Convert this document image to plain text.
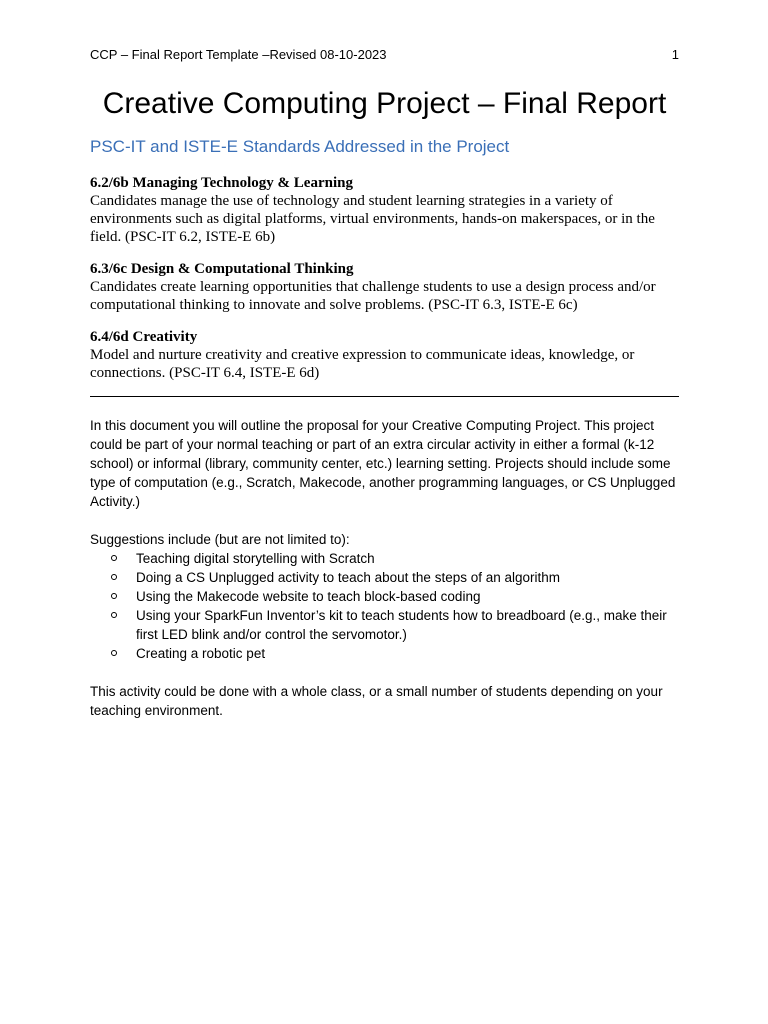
CCP – Final Report Template –Revised 08-10-2023	1
Creative Computing Project – Final Report
PSC-IT and ISTE-E Standards Addressed in the Project
6.2/6b Managing Technology & Learning
Candidates manage the use of technology and student learning strategies in a variety of environments such as digital platforms, virtual environments, hands-on makerspaces, or in the field. (PSC-IT 6.2, ISTE-E 6b)
6.3/6c Design & Computational Thinking
Candidates create learning opportunities that challenge students to use a design process and/or computational thinking to innovate and solve problems. (PSC-IT 6.3, ISTE-E 6c)
6.4/6d Creativity
Model and nurture creativity and creative expression to communicate ideas, knowledge, or connections. (PSC-IT 6.4, ISTE-E 6d)

In this document you will outline the proposal for your Creative Computing Project. This project could be part of your normal teaching or part of an extra circular activity in either a formal (k-12 school) or informal (library, community center, etc.) learning setting. Projects should include some type of computation (e.g., Scratch, Makecode, another programming languages, or CS Unplugged Activity.)

Suggestions include (but are not limited to):
Teaching digital storytelling with Scratch
Doing a CS Unplugged activity to teach about the steps of an algorithm
Using the Makecode website to teach block-based coding
Using your SparkFun Inventor’s kit to teach students how to breadboard (e.g., make their first LED blink and/or control the servomotor.)
Creating a robotic pet

This activity could be done with a whole class, or a small number of students depending on your teaching environment.
